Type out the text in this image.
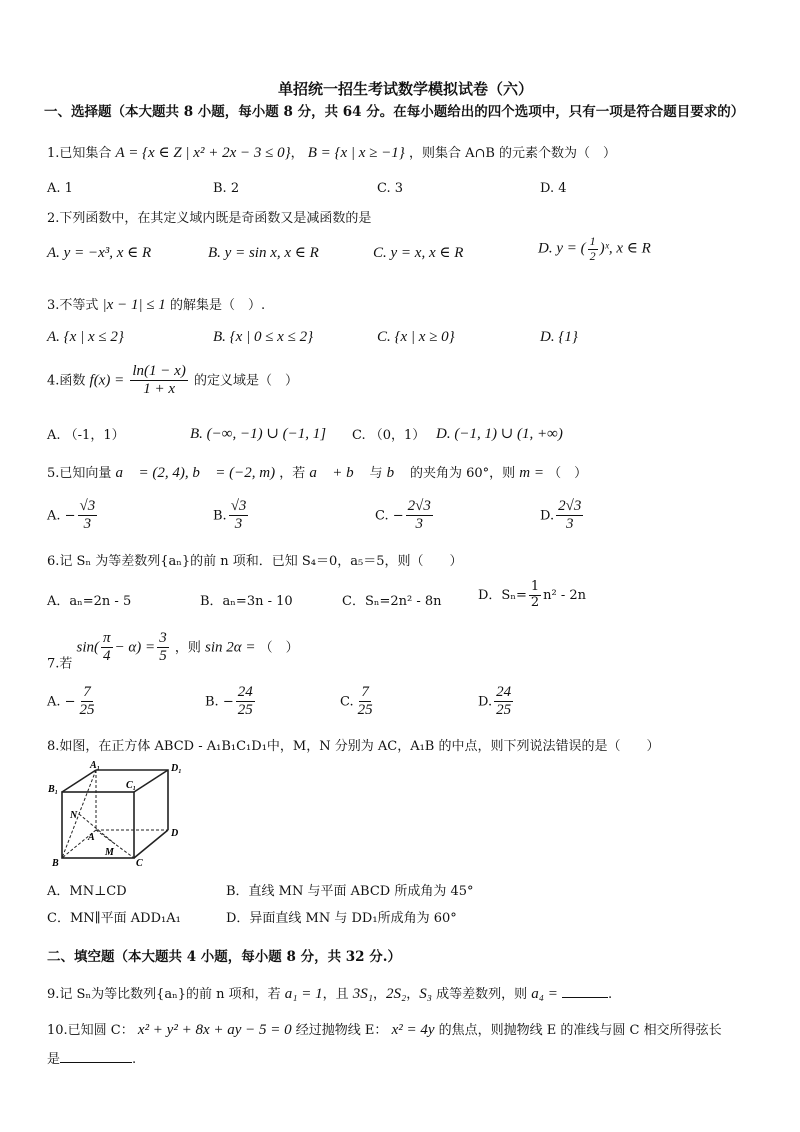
单招统一招生考试数学模拟试卷（六）
一、选择题（本大题共 8 小题，每小题 8 分，共 64 分。在每小题给出的四个选项中，只有一项是符合题目要求的）
1.已知集合 A = {x ∈ Z | x² + 2x − 3 ≤ 0}， B = {x | x ≥ −1} ，则集合 A∩B 的元素个数为（　）
A. 1	B. 2	C. 3	D. 4
2.下列函数中，在其定义域内既是奇函数又是减函数的是
A. y = −x³, x ∈ R	B. y = sin x, x ∈ R	C. y = x, x ∈ R	D. y = ( $\frac{1}{2}$ )ˣ, x ∈ R
3.不等式 |x − 1| ≤ 1 的解集是（　）.
A. {x | x ≤ 2}	B. {x | 0 ≤ x ≤ 2}	C. {x | x ≥ 0}	D. {1}
4.函数 $f(x) = \frac{\ln(1 - x)}{1 + x}$ 的定义域是（　）
A. （-1，1）	B. (−∞, −1) ∪ (−1, 1] C. （0，1） D. (−1, 1) ∪ (1, +∞)
5.已知向量 a⃗ = (2, 4), b⃗ = (−2, m) ，若 a⃗ + b⃗ 与 b⃗ 的夹角为 60°，则 m = （　）
A. − $\frac{√3}{3}$	B. $\frac{√3}{3}$	C. − $\frac{2√3}{3}$	D. $\frac{2√3}{3}$
6.记 Sₙ 为等差数列{aₙ}的前 n 项和．已知 S₄＝0，a₅＝5，则（　　）
A．aₙ=2n - 5	B．aₙ=3n - 10	C．Sₙ=2n² - 8n	D．$S_n= \frac{1}{2} n^2 - 2n$
7.若 $\sin( \frac{\pi}{4} - \alpha) = \frac{3}{5}$ ，则 sin 2α = （　）
A. − $\frac{7}{25}$	B. − $\frac{24}{25}$	C. $\frac{7}{25}$	D. $\frac{24}{25}$
8.如图，在正方体 ABCD - A₁B₁C₁D₁中，M，N 分别为 AC，A₁B 的中点，则下列说法错误的是（　　）
A₁	D₁
B₁	C₁
N
A
M
B	C
D
A．MN⊥CD	B．直线 MN 与平面 ABCD 所成角为 45°
C．MN∥平面 ADD₁A₁	D．异面直线 MN 与 DD₁所成角为 60°
二、填空题（本大题共 4 小题，每小题 8 分，共 32 分.）
9.记 Sₙ为等比数列{aₙ}的前 n 项和，若 a₁ = 1，且 3S₁，2S₂，S₃ 成等差数列，则 a₄ =	.
10.已知圆 C： x² + y² + 8x + ay − 5 = 0 经过抛物线 E： x² = 4y 的焦点，则抛物线 E 的准线与圆 C 相交所得弦长
是	.
